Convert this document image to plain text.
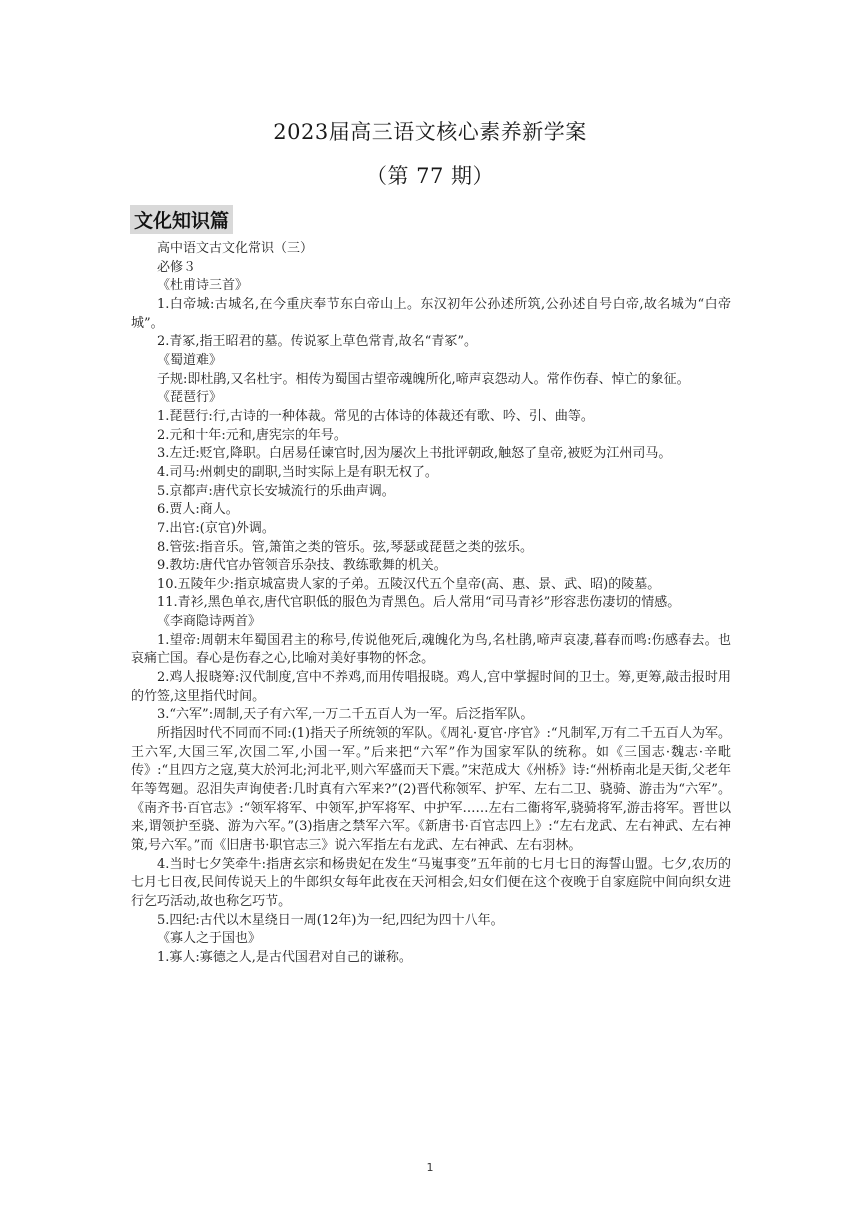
2023届高三语文核心素养新学案
（第 77 期）
文化知识篇

高中语文古文化常识（三）

必修３

《杜甫诗三首》

1.白帝城:古城名,在今重庆奉节东白帝山上。东汉初年公孙述所筑,公孙述自号白帝,故名城为“白帝城”。

2.青冢,指王昭君的墓。传说冢上草色常青,故名“青冢”。

《蜀道难》

子规:即杜鹃,又名杜宇。相传为蜀国古望帝魂魄所化,啼声哀怨动人。常作伤春、悼亡的象征。

《琵琶行》

1.琵琶行:行,古诗的一种体裁。常见的古体诗的体裁还有歌、吟、引、曲等。

2.元和十年:元和,唐宪宗的年号。

3.左迁:贬官,降职。白居易任谏官时,因为屡次上书批评朝政,触怒了皇帝,被贬为江州司马。

4.司马:州刺史的副职,当时实际上是有职无权了。

5.京都声:唐代京长安城流行的乐曲声调。

6.贾人:商人。

7.出官:(京官)外调。

8.管弦:指音乐。管,箫笛之类的管乐。弦,琴瑟或琵琶之类的弦乐。

9.教坊:唐代官办管领音乐杂技、教练歌舞的机关。

10.五陵年少:指京城富贵人家的子弟。五陵汉代五个皇帝(高、惠、景、武、昭)的陵墓。

11.青衫,黑色单衣,唐代官职低的服色为青黑色。后人常用“司马青衫”形容悲伤凄切的情感。

《李商隐诗两首》

1.望帝:周朝末年蜀国君主的称号,传说他死后,魂魄化为鸟,名杜鹃,啼声哀凄,暮春而鸣:伤感春去。也哀痛亡国。春心是伤春之心,比喻对美好事物的怀念。

2.鸡人报晓筹:汉代制度,宫中不养鸡,而用传唱报晓。鸡人,宫中掌握时间的卫士。筹,更筹,敲击报时用的竹签,这里指代时间。

3.“六军”:周制,天子有六军,一万二千五百人为一军。后泛指军队。

所指因时代不同而不同:(1)指天子所统领的军队。《周礼·夏官·序官》:“凡制军,万有二千五百人为军。王六军,大国三军,次国二军,小国一军。”后来把“六军”作为国家军队的统称。如《三国志·魏志·辛毗传》:“且四方之寇,莫大於河北;河北平,则六军盛而天下震。”宋范成大《州桥》诗:“州桥南北是天街,父老年年等驾廻。忍泪失声询使者:几时真有六军来?”(2)晋代称领军、护军、左右二卫、骁骑、游击为“六军”。《南齐书·百官志》:“领军将军、中领军,护军将军、中护军……左右二衞将军,骁骑将军,游击将军。晋世以来,谓领护至骁、游为六军。”(3)指唐之禁军六军。《新唐书·百官志四上》:“左右龙武、左右神武、左右神策,号六军。”而《旧唐书·职官志三》说六军指左右龙武、左右神武、左右羽林。

4.当时七夕笑牵牛:指唐玄宗和杨贵妃在发生“马嵬事变”五年前的七月七日的海誓山盟。七夕,农历的七月七日夜,民间传说天上的牛郎织女每年此夜在天河相会,妇女们便在这个夜晚于自家庭院中间向织女进行乞巧活动,故也称乞巧节。

5.四纪:古代以木星绕日一周(12年)为一纪,四纪为四十八年。

《寡人之于国也》

1.寡人:寡德之人,是古代国君对自己的谦称。

1
